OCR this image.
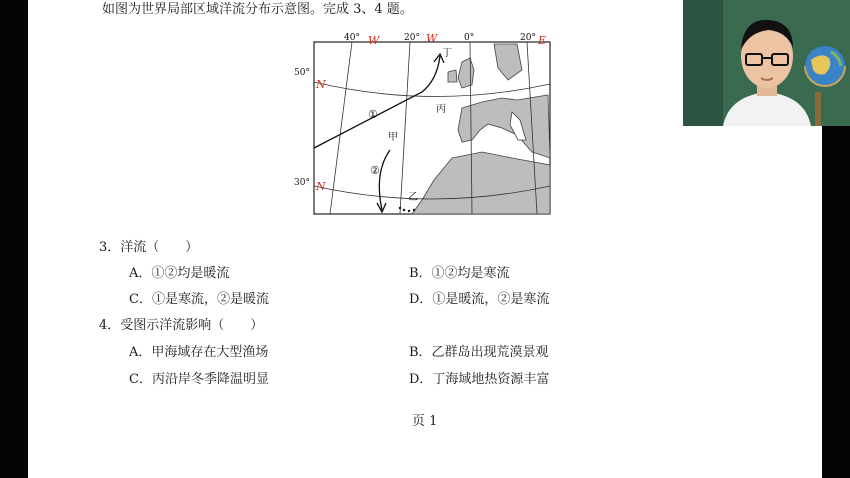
如图为世界局部区域洋流分布示意图。完成 3、4 题。
40°	20°	0°	20°
丁
丙
甲
乙
①
②
W	W	E
N
N
50°
30°
3．洋流（　　）
A．①②均是暖流	B．①②均是寒流
C．①是寒流，②是暖流	D．①是暖流，②是寒流
4．受图示洋流影响（　　）
A．甲海域存在大型渔场	B．乙群岛出现荒漠景观
C．丙沿岸冬季降温明显	D．丁海域地热资源丰富
页 1
